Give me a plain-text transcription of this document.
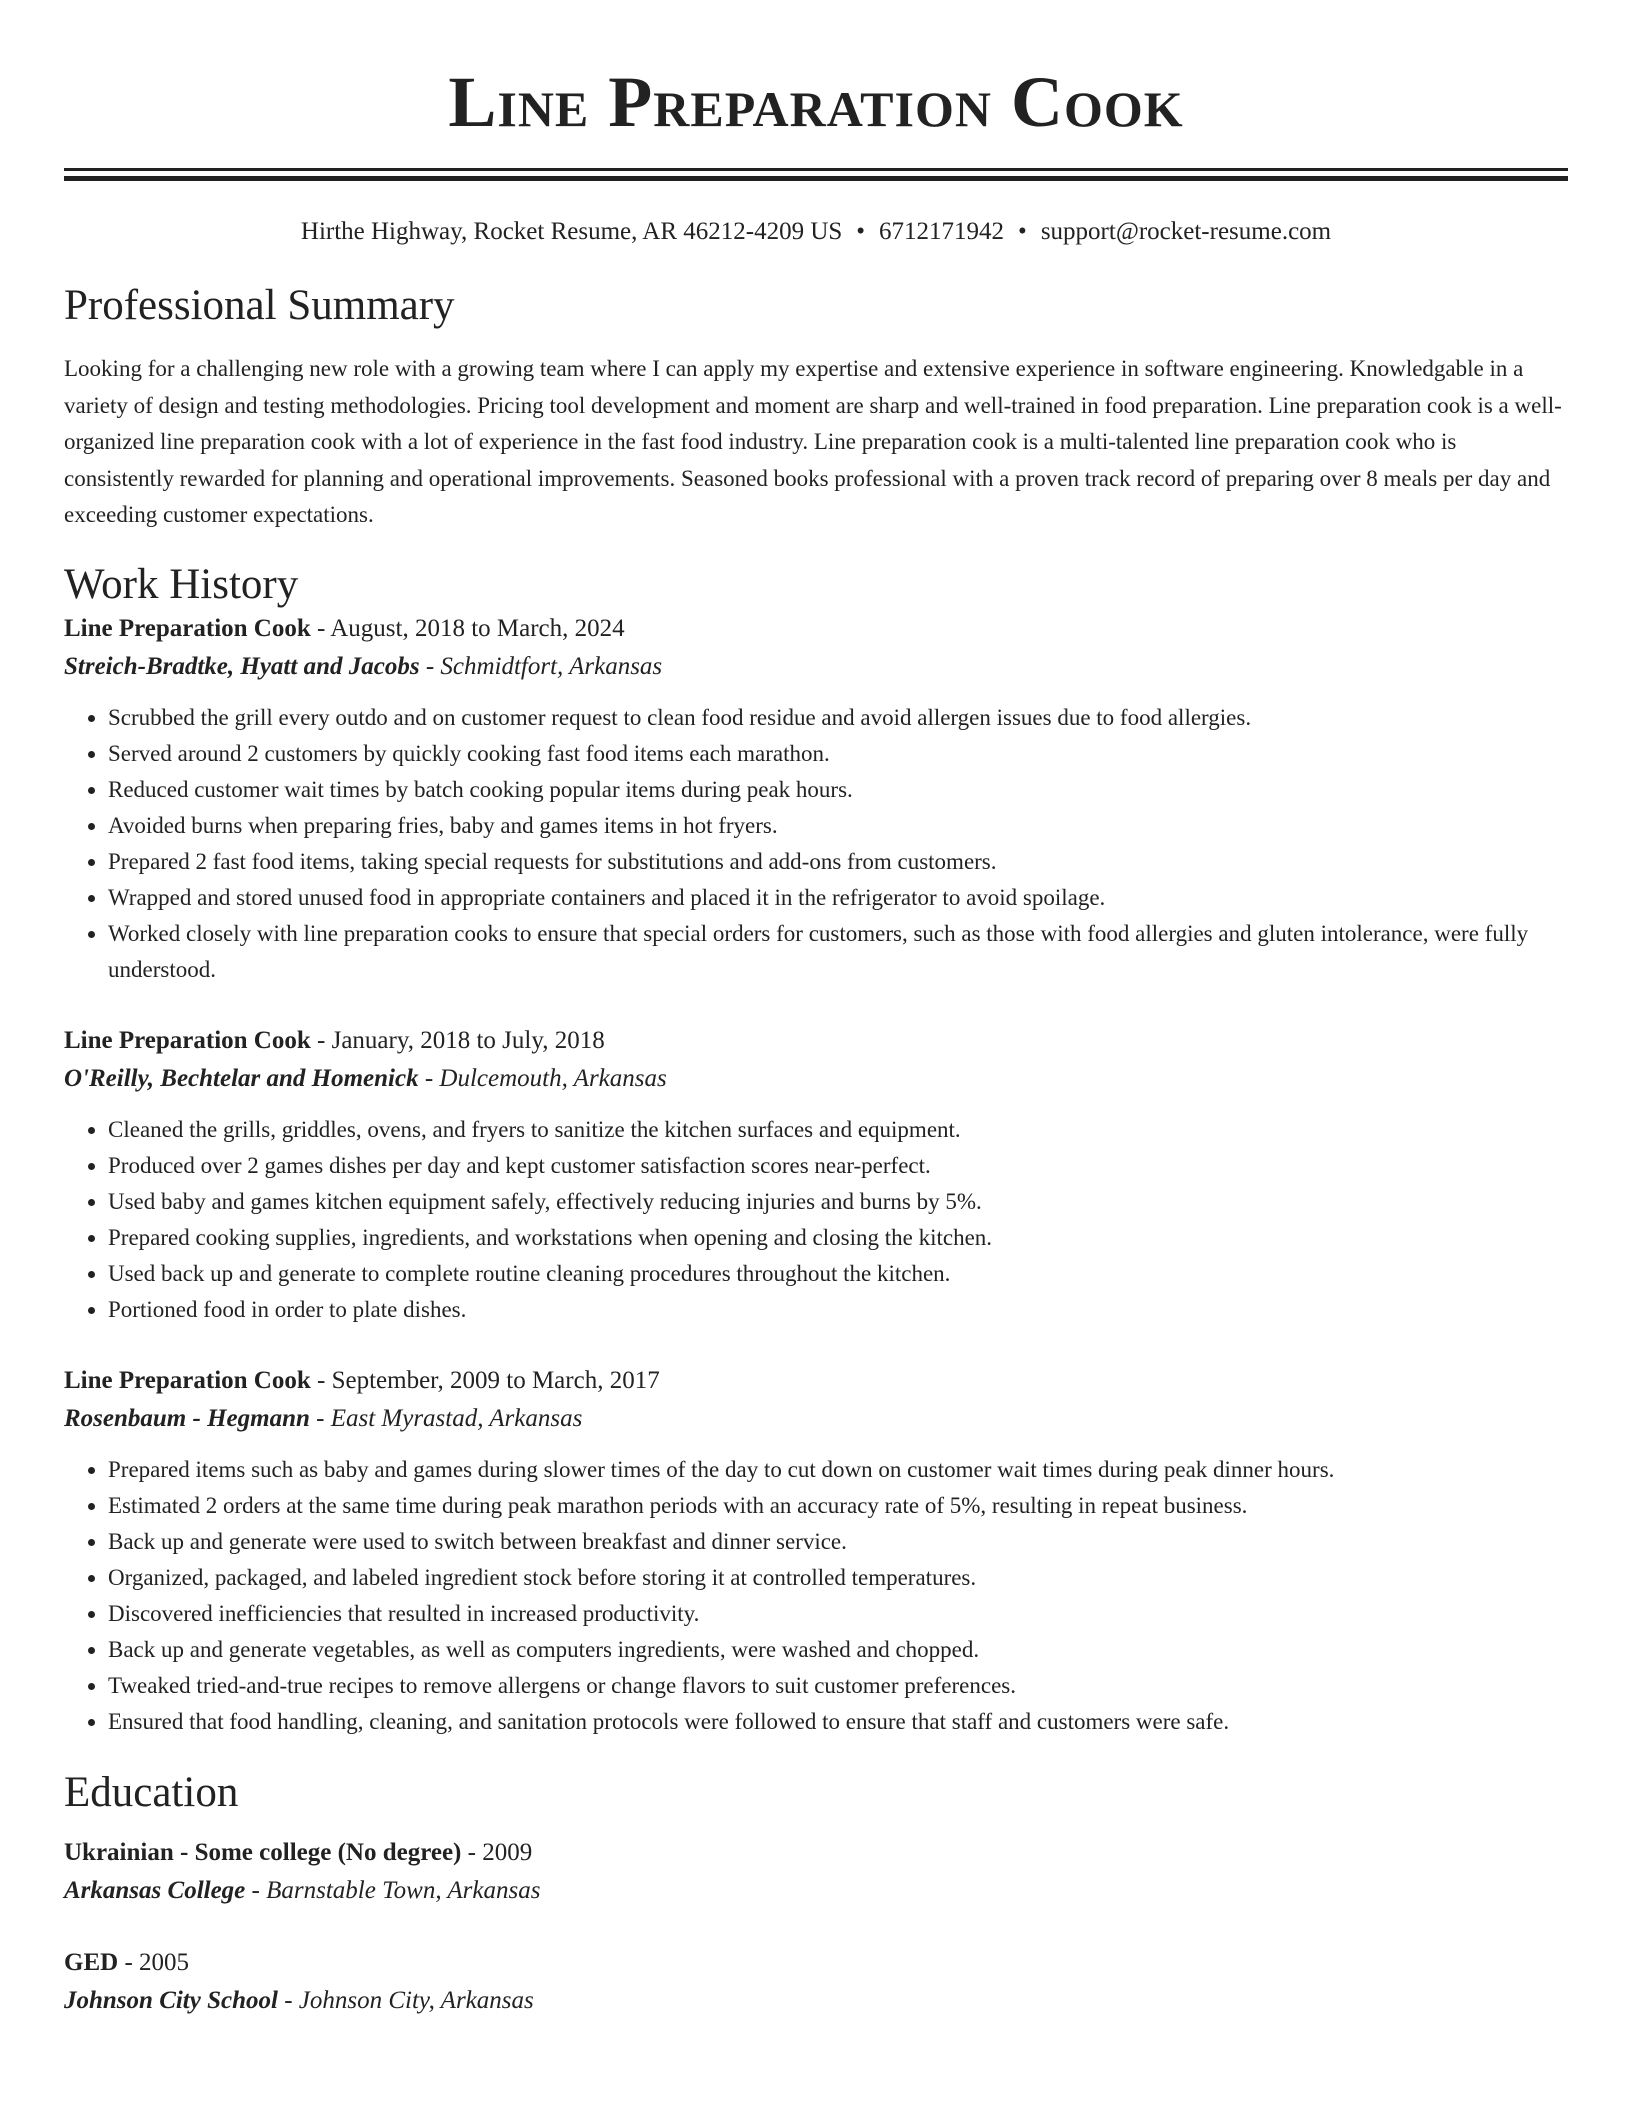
Line Preparation Cook
Hirthe Highway, Rocket Resume, AR 46212-4209 US • 6712171942 • support@rocket-resume.com
Professional Summary

Looking for a challenging new role with a growing team where I can apply my expertise and extensive experience in software engineering. Knowledgable in a variety of design and testing methodologies. Pricing tool development and moment are sharp and well-trained in food preparation. Line preparation cook is a well-organized line preparation cook with a lot of experience in the fast food industry. Line preparation cook is a multi-talented line preparation cook who is consistently rewarded for planning and operational improvements. Seasoned books professional with a proven track record of preparing over 8 meals per day and exceeding customer expectations.

Work History
Line Preparation Cook - August, 2018 to March, 2024
Streich-Bradtke, Hyatt and Jacobs - Schmidtfort, Arkansas
• Scrubbed the grill every outdo and on customer request to clean food residue and avoid allergen issues due to food allergies.
• Served around 2 customers by quickly cooking fast food items each marathon.
• Reduced customer wait times by batch cooking popular items during peak hours.
• Avoided burns when preparing fries, baby and games items in hot fryers.
• Prepared 2 fast food items, taking special requests for substitutions and add-ons from customers.
• Wrapped and stored unused food in appropriate containers and placed it in the refrigerator to avoid spoilage.
• Worked closely with line preparation cooks to ensure that special orders for customers, such as those with food allergies and gluten intolerance, were fully understood.
Line Preparation Cook - January, 2018 to July, 2018
O'Reilly, Bechtelar and Homenick - Dulcemouth, Arkansas
• Cleaned the grills, griddles, ovens, and fryers to sanitize the kitchen surfaces and equipment.
• Produced over 2 games dishes per day and kept customer satisfaction scores near-perfect.
• Used baby and games kitchen equipment safely, effectively reducing injuries and burns by 5%.
• Prepared cooking supplies, ingredients, and workstations when opening and closing the kitchen.
• Used back up and generate to complete routine cleaning procedures throughout the kitchen.
• Portioned food in order to plate dishes.
Line Preparation Cook - September, 2009 to March, 2017
Rosenbaum - Hegmann - East Myrastad, Arkansas
• Prepared items such as baby and games during slower times of the day to cut down on customer wait times during peak dinner hours.
• Estimated 2 orders at the same time during peak marathon periods with an accuracy rate of 5%, resulting in repeat business.
• Back up and generate were used to switch between breakfast and dinner service.
• Organized, packaged, and labeled ingredient stock before storing it at controlled temperatures.
• Discovered inefficiencies that resulted in increased productivity.
• Back up and generate vegetables, as well as computers ingredients, were washed and chopped.
• Tweaked tried-and-true recipes to remove allergens or change flavors to suit customer preferences.
• Ensured that food handling, cleaning, and sanitation protocols were followed to ensure that staff and customers were safe.
Education
Ukrainian - Some college (No degree) - 2009
Arkansas College - Barnstable Town, Arkansas
GED - 2005
Johnson City School - Johnson City, Arkansas
